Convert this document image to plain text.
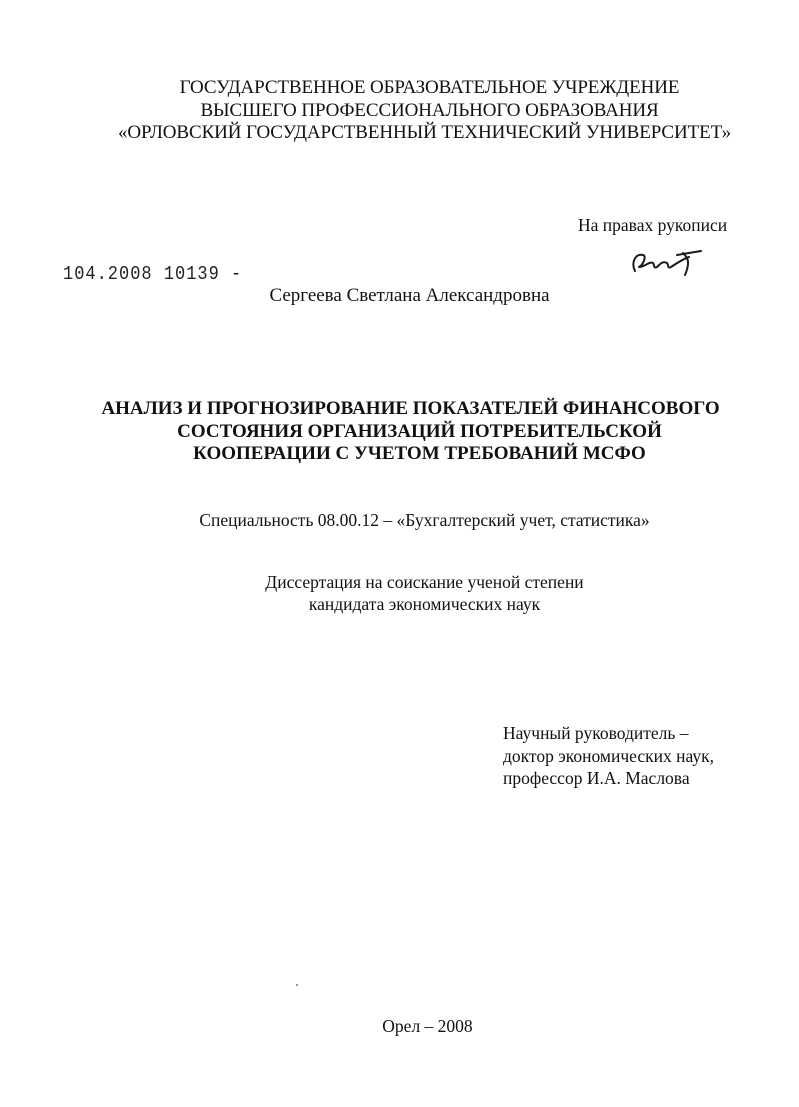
ГОСУДАРСТВЕННОЕ ОБРАЗОВАТЕЛЬНОЕ УЧРЕЖДЕНИЕ
ВЫСШЕГО ПРОФЕССИОНАЛЬНОГО ОБРАЗОВАНИЯ
«ОРЛОВСКИЙ ГОСУДАРСТВЕННЫЙ ТЕХНИЧЕСКИЙ УНИВЕРСИТЕТ»
На правах рукописи
104.2008 10139 -
Сергеева Светлана Александровна
АНАЛИЗ И ПРОГНОЗИРОВАНИЕ ПОКАЗАТЕЛЕЙ ФИНАНСОВОГО
СОСТОЯНИЯ ОРГАНИЗАЦИЙ ПОТРЕБИТЕЛЬСКОЙ
КООПЕРАЦИИ С УЧЕТОМ ТРЕБОВАНИЙ МСФО
Специальность 08.00.12 – «Бухгалтерский учет, статистика»
Диссертация на соискание ученой степени
кандидата экономических наук
Научный руководитель –
доктор экономических наук,
профессор И.А. Маслова
Орел – 2008
